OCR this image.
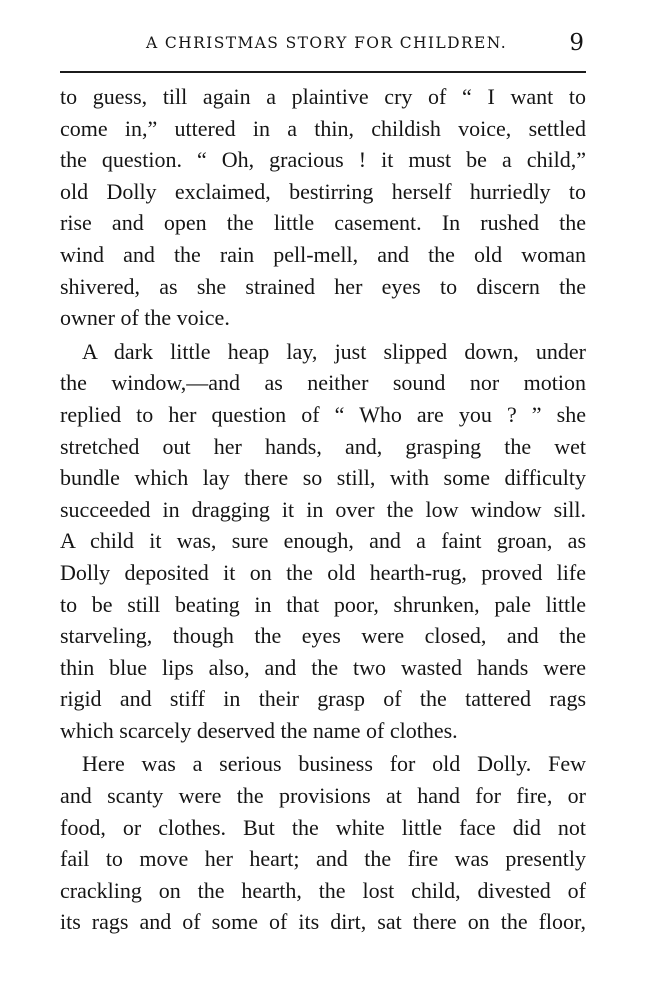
A CHRISTMAS STORY FOR CHILDREN.	9
to guess, till again a plaintive cry of “ I want to
come in,” uttered in a thin, childish voice, settled
the question. “ Oh, gracious ! it must be a child,”
old Dolly exclaimed, bestirring herself hurriedly to
rise and open the little casement. In rushed the
wind and the rain pell-mell, and the old woman
shivered, as she strained her eyes to discern the
owner of the voice.
A dark little heap lay, just slipped down, under
the window,—and as neither sound nor motion
replied to her question of “ Who are you ? ” she
stretched out her hands, and, grasping the wet
bundle which lay there so still, with some difficulty
succeeded in dragging it in over the low window sill.
A child it was, sure enough, and a faint groan, as
Dolly deposited it on the old hearth-rug, proved life
to be still beating in that poor, shrunken, pale little
starveling, though the eyes were closed, and the
thin blue lips also, and the two wasted hands were
rigid and stiff in their grasp of the tattered rags
which scarcely deserved the name of clothes.
Here was a serious business for old Dolly. Few
and scanty were the provisions at hand for fire, or
food, or clothes. But the white little face did not
fail to move her heart; and the fire was presently
crackling on the hearth, the lost child, divested of
its rags and of some of its dirt, sat there on the floor,
